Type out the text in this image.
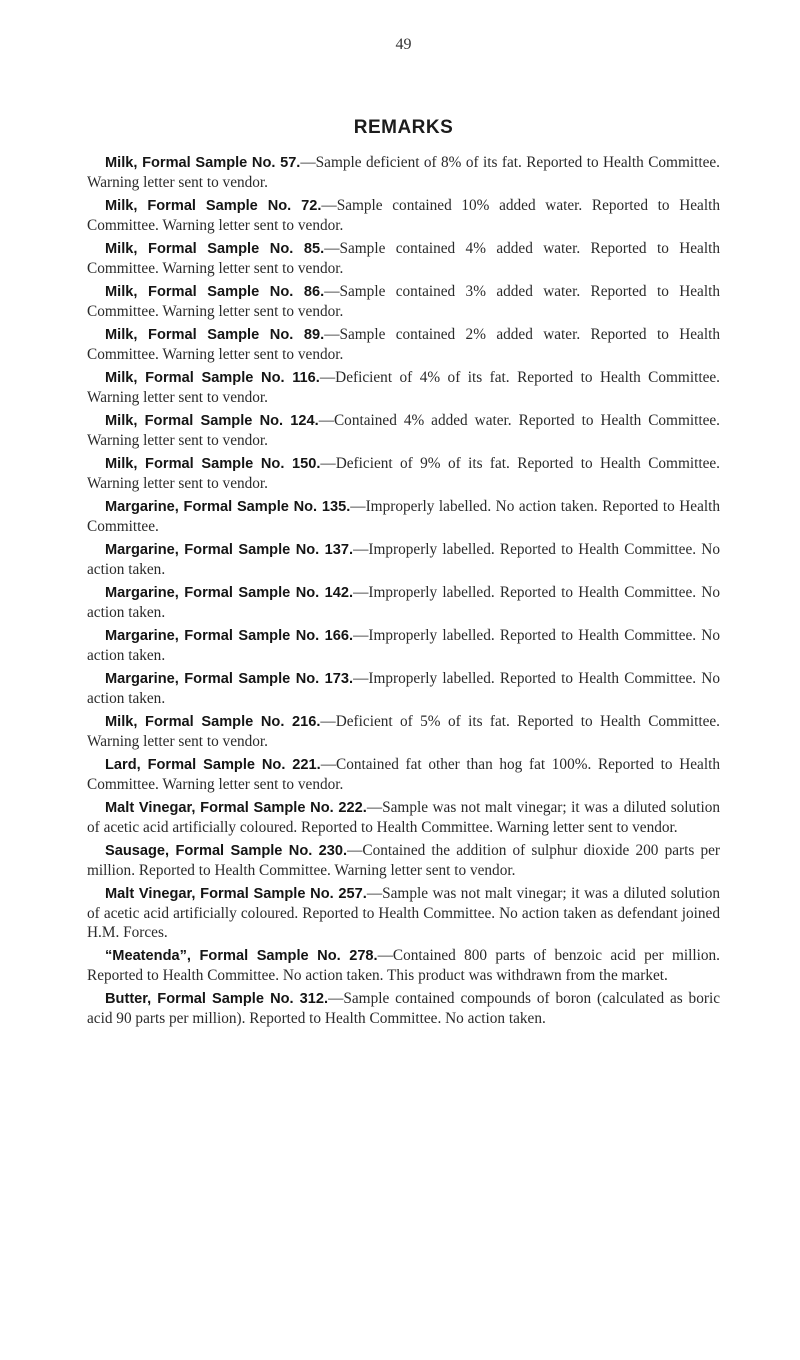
49
REMARKS

Milk, Formal Sample No. 57.—Sample deficient of 8% of its fat. Reported to Health Committee. Warning letter sent to vendor.

Milk, Formal Sample No. 72.—Sample contained 10% added water. Reported to Health Committee. Warning letter sent to vendor.

Milk, Formal Sample No. 85.—Sample contained 4% added water. Reported to Health Committee. Warning letter sent to vendor.

Milk, Formal Sample No. 86.—Sample contained 3% added water. Reported to Health Committee. Warning letter sent to vendor.

Milk, Formal Sample No. 89.—Sample contained 2% added water. Reported to Health Committee. Warning letter sent to vendor.

Milk, Formal Sample No. 116.—Deficient of 4% of its fat. Reported to Health Committee. Warning letter sent to vendor.

Milk, Formal Sample No. 124.—Contained 4% added water. Reported to Health Committee. Warning letter sent to vendor.

Milk, Formal Sample No. 150.—Deficient of 9% of its fat. Reported to Health Committee. Warning letter sent to vendor.

Margarine, Formal Sample No. 135.—Improperly labelled. No action taken. Reported to Health Committee.

Margarine, Formal Sample No. 137.—Improperly labelled. Reported to Health Committee. No action taken.

Margarine, Formal Sample No. 142.—Improperly labelled. Reported to Health Committee. No action taken.

Margarine, Formal Sample No. 166.—Improperly labelled. Reported to Health Committee. No action taken.

Margarine, Formal Sample No. 173.—Improperly labelled. Reported to Health Committee. No action taken.

Milk, Formal Sample No. 216.—Deficient of 5% of its fat. Reported to Health Committee. Warning letter sent to vendor.

Lard, Formal Sample No. 221.—Contained fat other than hog fat 100%. Reported to Health Committee. Warning letter sent to vendor.

Malt Vinegar, Formal Sample No. 222.—Sample was not malt vinegar; it was a diluted solution of acetic acid artificially coloured. Reported to Health Committee. Warning letter sent to vendor.

Sausage, Formal Sample No. 230.—Contained the addition of sulphur dioxide 200 parts per million. Reported to Health Committee. Warning letter sent to vendor.

Malt Vinegar, Formal Sample No. 257.—Sample was not malt vinegar; it was a diluted solution of acetic acid artificially coloured. Reported to Health Committee. No action taken as defendant joined H.M. Forces.

“Meatenda”, Formal Sample No. 278.—Contained 800 parts of benzoic acid per million. Reported to Health Committee. No action taken. This product was withdrawn from the market.

Butter, Formal Sample No. 312.—Sample contained compounds of boron (calculated as boric acid 90 parts per million). Reported to Health Committee. No action taken.
